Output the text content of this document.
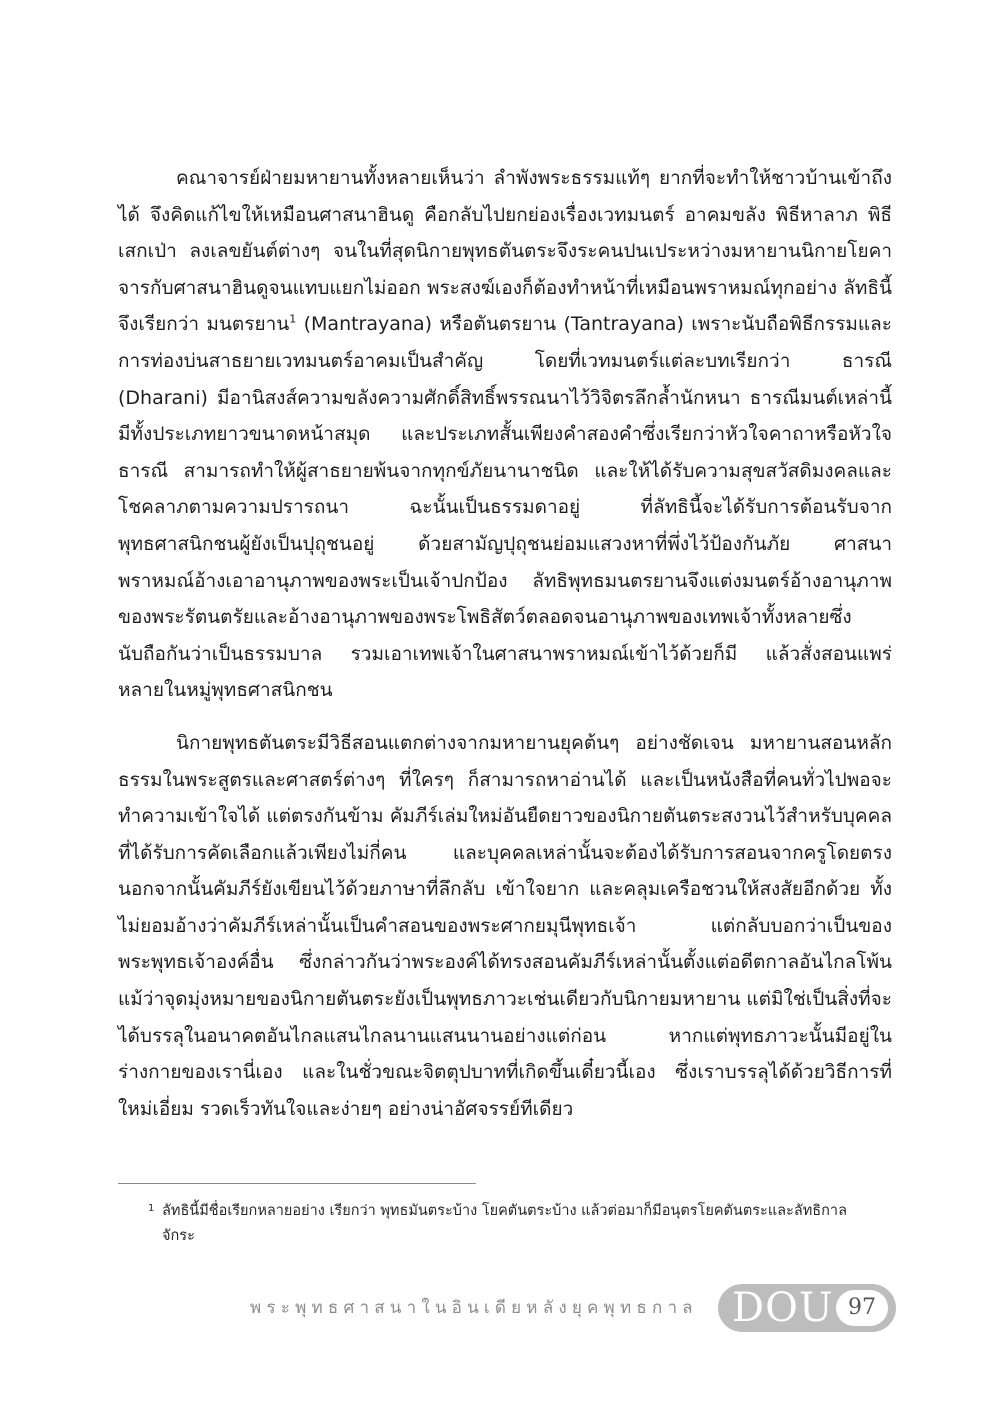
คณาจารย์ฝ่ายมหายานทั้งหลายเห็นว่า ลำพังพระธรรมแท้ๆ ยากที่จะทำให้ชาวบ้านเข้าถึงได้ จึงคิดแก้ไขให้เหมือนศาสนาฮินดู คือกลับไปยกย่องเรื่องเวทมนตร์ อาคมขลัง พิธีหาลาภ พิธีเสกเป่า ลงเลขยันต์ต่างๆ จนในที่สุดนิกายพุทธตันตระจึงระคนปนเประหว่างมหายานนิกายโยคาจารกับศาสนาฮินดูจนแทบแยกไม่ออก พระสงฆ์เองก็ต้องทำหน้าที่เหมือนพราหมณ์ทุกอย่าง ลัทธินี้จึงเรียกว่า มนตรยาน$^1$ (Mantrayana) หรือตันตรยาน (Tantrayana) เพราะนับถือพิธีกรรมและการท่องบ่นสาธยายเวทมนตร์อาคมเป็นสำคัญ โดยที่เวทมนตร์แต่ละบทเรียกว่า ธารณี (Dharani) มีอานิสงส์ความขลังความศักดิ์สิทธิ์พรรณนาไว้วิจิตรลึกล้ำนักหนา ธารณีมนต์เหล่านี้มีทั้งประเภทยาวขนาดหน้าสมุด และประเภทสั้นเพียงคำสองคำซึ่งเรียกว่าหัวใจคาถาหรือหัวใจธารณี สามารถทำให้ผู้สาธยายพ้นจากทุกข์ภัยนานาชนิด และให้ได้รับความสุขสวัสดิมงคลและโชคลาภตามความปรารถนา ฉะนั้นเป็นธรรมดาอยู่ ที่ลัทธินี้จะได้รับการต้อนรับจากพุทธศาสนิกชนผู้ยังเป็นปุถุชนอยู่ ด้วยสามัญปุถุชนย่อมแสวงหาที่พึ่งไว้ป้องกันภัย ศาสนาพราหมณ์อ้างเอาอานุภาพของพระเป็นเจ้าปกป้อง ลัทธิพุทธมนตรยานจึงแต่งมนตร์อ้างอานุภาพของพระรัตนตรัยและอ้างอานุภาพของพระโพธิสัตว์ตลอดจนอานุภาพของเทพเจ้าทั้งหลายซึ่งนับถือกันว่าเป็นธรรมบาล รวมเอาเทพเจ้าในศาสนาพราหมณ์เข้าไว้ด้วยก็มี แล้วสั่งสอนแพร่หลายในหมู่พุทธศาสนิกชน

นิกายพุทธตันตระมีวิธีสอนแตกต่างจากมหายานยุคต้นๆ อย่างชัดเจน มหายานสอนหลักธรรมในพระสูตรและศาสตร์ต่างๆ ที่ใครๆ ก็สามารถหาอ่านได้ และเป็นหนังสือที่คนทั่วไปพอจะทำความเข้าใจได้ แต่ตรงกันข้าม คัมภีร์เล่มใหม่อันยืดยาวของนิกายตันตระสงวนไว้สำหรับบุคคลที่ได้รับการคัดเลือกแล้วเพียงไม่กี่คน และบุคคลเหล่านั้นจะต้องได้รับการสอนจากครูโดยตรง นอกจากนั้นคัมภีร์ยังเขียนไว้ด้วยภาษาที่ลึกลับ เข้าใจยาก และคลุมเครือชวนให้สงสัยอีกด้วย ทั้งไม่ยอมอ้างว่าคัมภีร์เหล่านั้นเป็นคำสอนของพระศากยมุนีพุทธเจ้า แต่กลับบอกว่าเป็นของพระพุทธเจ้าองค์อื่น ซึ่งกล่าวกันว่าพระองค์ได้ทรงสอนคัมภีร์เหล่านั้นตั้งแต่อดีตกาลอันไกลโพ้น แม้ว่าจุดมุ่งหมายของนิกายตันตระยังเป็นพุทธภาวะเช่นเดียวกับนิกายมหายาน แต่มิใช่เป็นสิ่งที่จะได้บรรลุในอนาคตอันไกลแสนไกลนานแสนนานอย่างแต่ก่อน หากแต่พุทธภาวะนั้นมีอยู่ในร่างกายของเรานี่เอง และในชั่วขณะจิตตุปบาทที่เกิดขึ้นเดี๋ยวนี้เอง ซึ่งเราบรรลุได้ด้วยวิธีการที่ใหม่เอี่ยม รวดเร็วทันใจและง่ายๆ อย่างน่าอัศจรรย์ทีเดียว

1 ลัทธินี้มีชื่อเรียกหลายอย่าง เรียกว่า พุทธมันตระบ้าง โยคตันตระบ้าง แล้วต่อมาก็มีอนุตรโยคตันตระและลัทธิกาลจักระ
พระพุทธศาสนาในอินเดียหลังยุคพุทธกาล DOU 97
